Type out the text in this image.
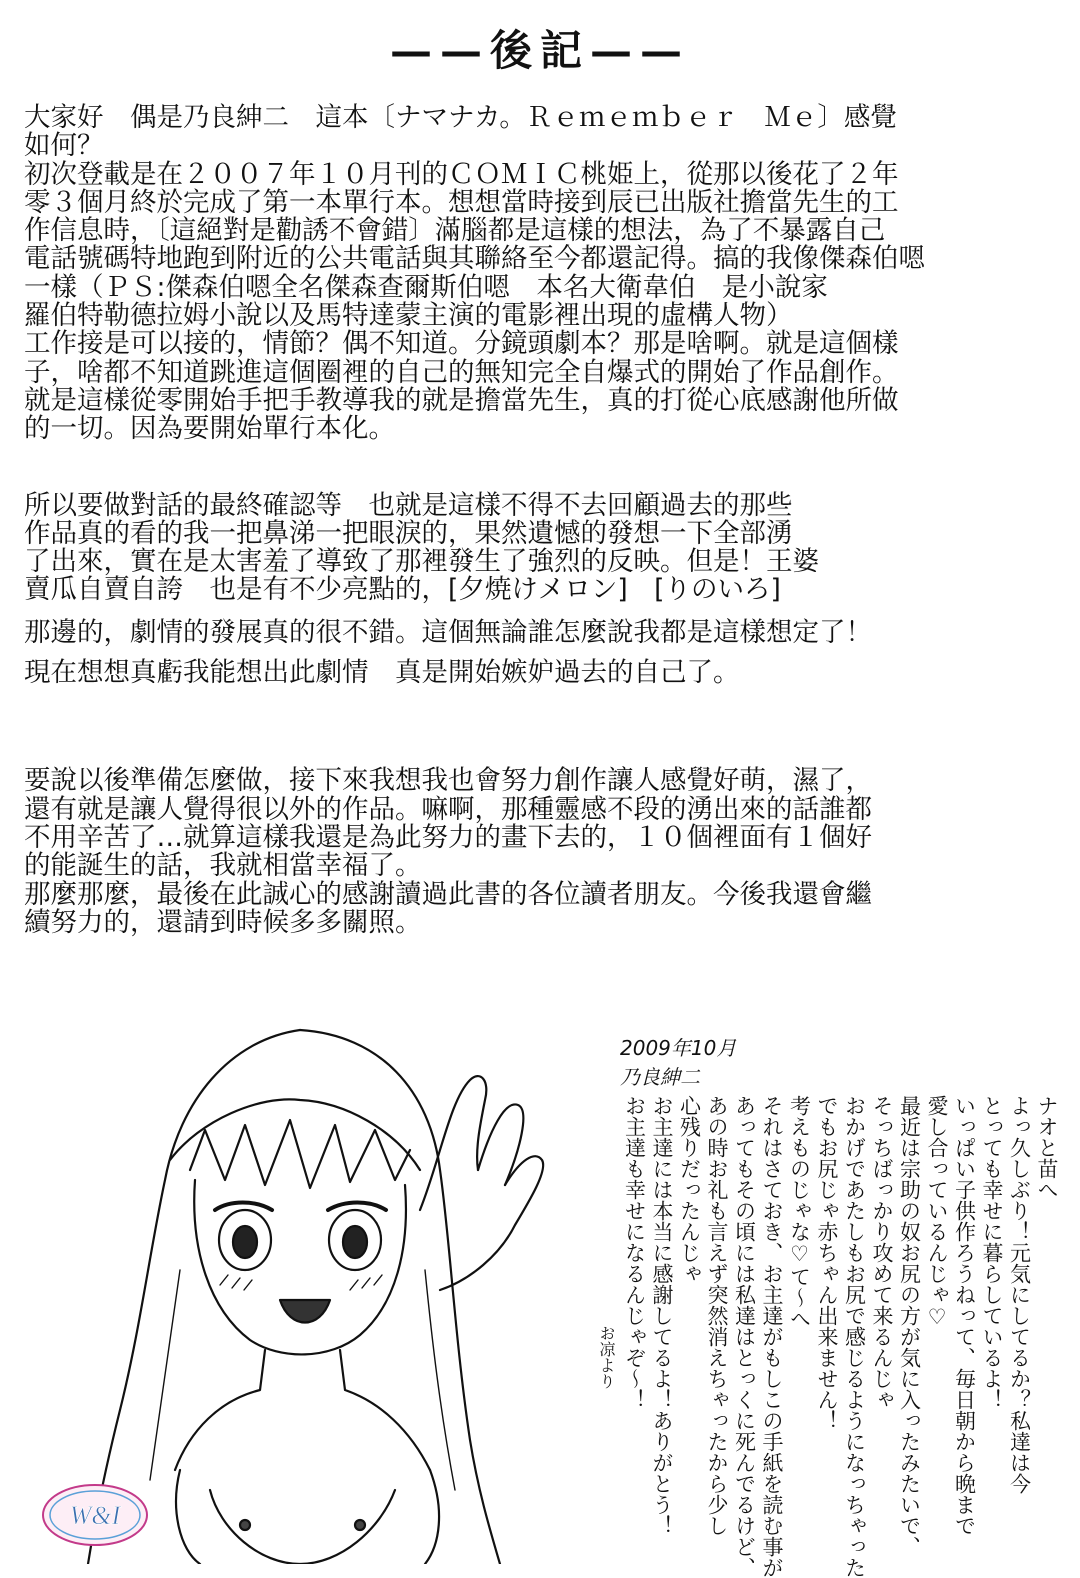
——後記——
大家好　偶是乃良紳二　這本〔ナマナカ。Ｒｅｍｅｍｂｅｒ　Ｍｅ〕感覺
如何？
初次登載是在２００７年１０月刊的ＣＯＭＩＣ桃姫上，從那以後花了２年
零３個月終於完成了第一本單行本。想想當時接到辰已出版社擔當先生的工
作信息時，〔這絕對是勸誘不會錯〕滿腦都是這樣的想法，為了不暴露自己
電話號碼特地跑到附近的公共電話與其聯絡至今都還記得。搞的我像傑森伯嗯
一樣（ＰＳ:傑森伯嗯全名傑森查爾斯伯嗯　本名大衛韋伯　是小說家
羅伯特勒德拉姆小說以及馬特達蒙主演的電影裡出現的虛構人物）
工作接是可以接的，情節？偶不知道。分鏡頭劇本？那是啥啊。就是這個樣
子，啥都不知道跳進這個圈裡的自己的無知完全自爆式的開始了作品創作。
就是這樣從零開始手把手教導我的就是擔當先生，真的打從心底感謝他所做
的一切。因為要開始單行本化。
所以要做對話的最終確認等　也就是這樣不得不去回顧過去的那些
作品真的看的我一把鼻涕一把眼淚的，果然遺憾的發想一下全部湧
了出來，實在是太害羞了導致了那裡發生了強烈的反映。但是！王婆
賣瓜自賣自誇　也是有不少亮點的，[夕焼けメロン]　[りのいろ]
那邊的，劇情的發展真的很不錯。這個無論誰怎麼說我都是這樣想定了！
現在想想真虧我能想出此劇情　真是開始嫉妒過去的自己了。
要說以後準備怎麼做，接下來我想我也會努力創作讓人感覺好萌，濕了，
還有就是讓人覺得很以外的作品。嘛啊，那種靈感不段的湧出來的話誰都
不用辛苦了…就算這樣我還是為此努力的畫下去的，１０個裡面有１個好
的能誕生的話，我就相當幸福了。
那麼那麼，最後在此誠心的感謝讀過此書的各位讀者朋友。今後我還會繼
續努力的，還請到時候多多關照。
2009年10月乃良紳二
ナオと苗へ
よっ久しぶり！元気にしてるか？私達は今
とっても幸せに暮らしているよ！
いっぱい子供作ろうねって、毎日朝から晩まで
愛し合っているんじゃ♡
最近は宗助の奴お尻の方が気に入ったみたいで、
そっちばっかり攻めて来るんじゃ
おかげであたしもお尻で感じるようになっちゃった
でもお尻じゃ赤ちゃん出来ません！
考えものじゃな♡て〜へ
それはさておき、お主達がもしこの手紙を読む事が
あってもその頃には私達はとっくに死んでるけど、
あの時お礼も言えず突然消えちゃったから少し
心残りだったんじゃ
お主達には本当に感謝してるよ！ありがとう！
お主達も幸せになるんじゃぞ〜！
お凉より
W&I
